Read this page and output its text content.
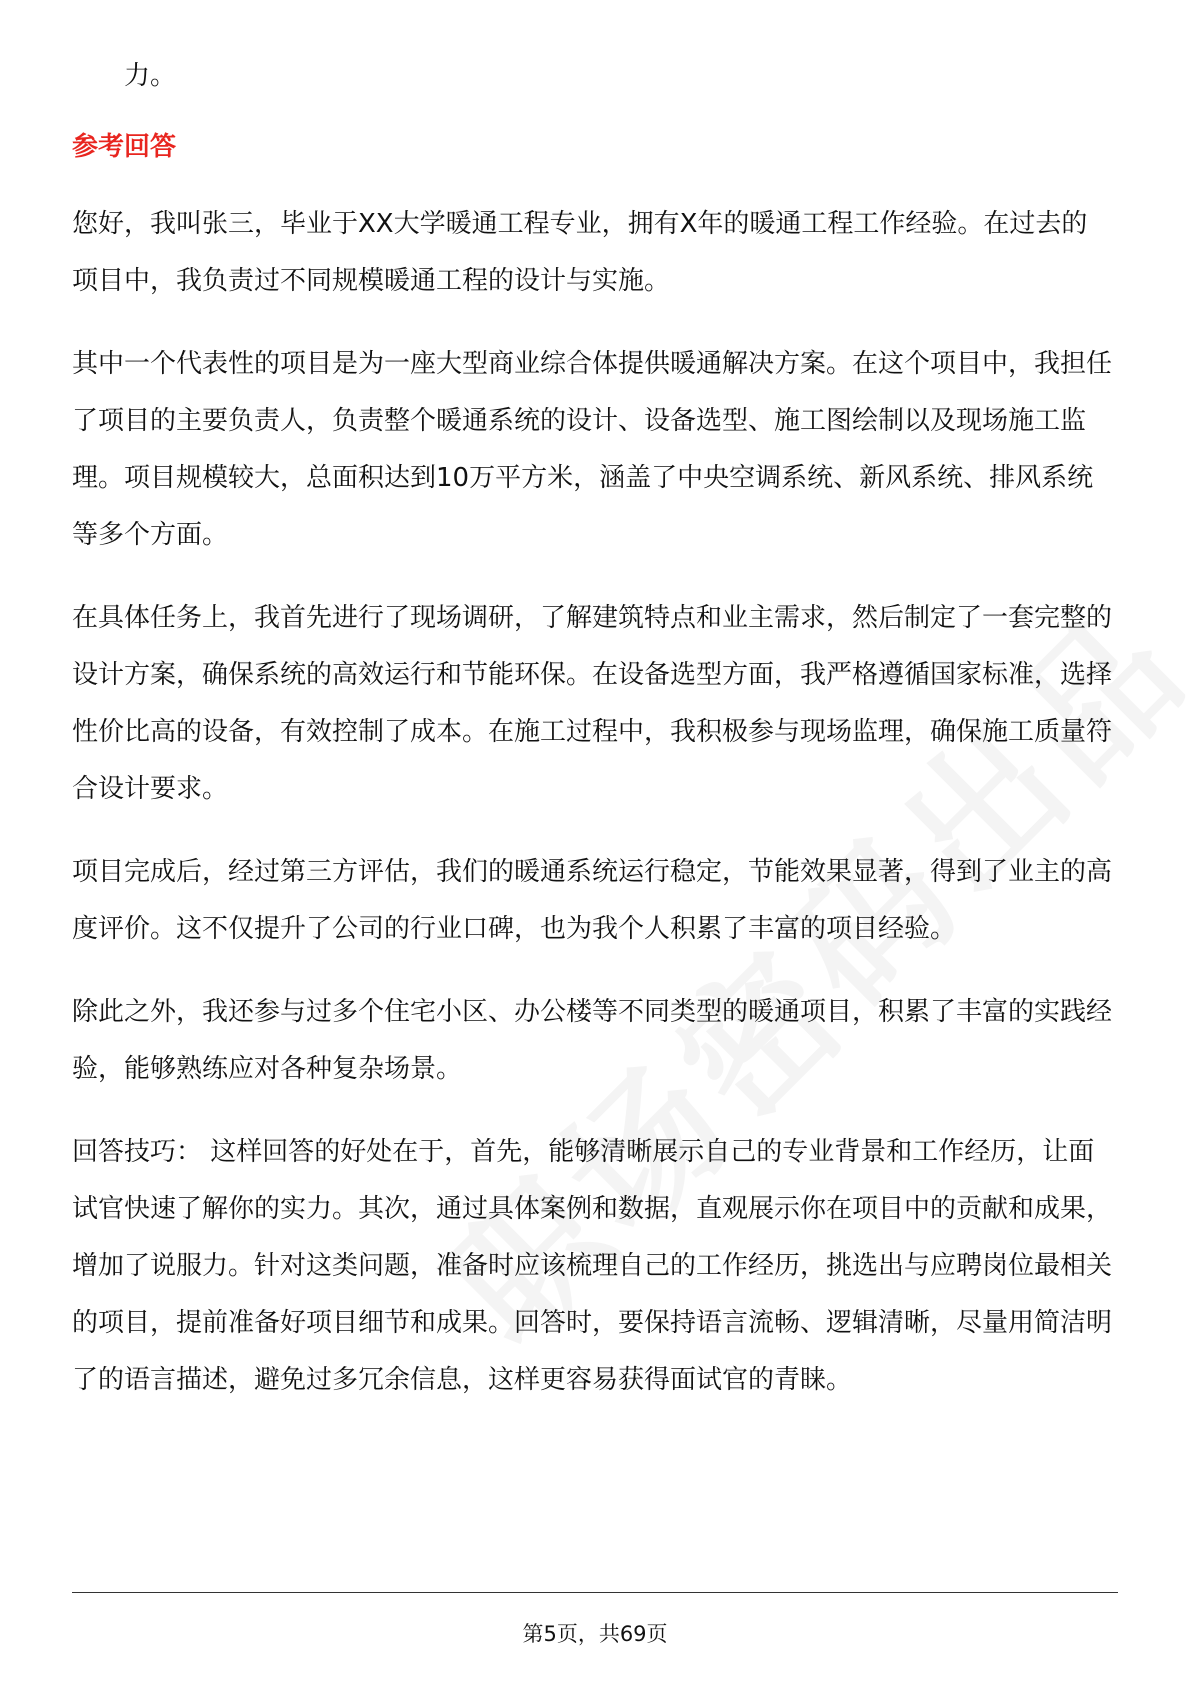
力。

参考回答

您好，我叫张三，毕业于XX大学暖通工程专业，拥有X年的暖通工程工作经验。在过去的项目中，我负责过不同规模暖通工程的设计与实施。

其中一个代表性的项目是为一座大型商业综合体提供暖通解决方案。在这个项目中，我担任了项目的主要负责人，负责整个暖通系统的设计、设备选型、施工图绘制以及现场施工监理。项目规模较大，总面积达到10万平方米，涵盖了中央空调系统、新风系统、排风系统等多个方面。

在具体任务上，我首先进行了现场调研，了解建筑特点和业主需求，然后制定了一套完整的设计方案，确保系统的高效运行和节能环保。在设备选型方面，我严格遵循国家标准，选择性价比高的设备，有效控制了成本。在施工过程中，我积极参与现场监理，确保施工质量符合设计要求。

项目完成后，经过第三方评估，我们的暖通系统运行稳定，节能效果显著，得到了业主的高度评价。这不仅提升了公司的行业口碑，也为我个人积累了丰富的项目经验。

除此之外，我还参与过多个住宅小区、办公楼等不同类型的暖通项目，积累了丰富的实践经验，能够熟练应对各种复杂场景。

回答技巧： 这样回答的好处在于，首先，能够清晰展示自己的专业背景和工作经历，让面试官快速了解你的实力。其次，通过具体案例和数据，直观展示你在项目中的贡献和成果，增加了说服力。针对这类问题，准备时应该梳理自己的工作经历，挑选出与应聘岗位最相关的项目，提前准备好项目细节和成果。回答时，要保持语言流畅、逻辑清晰，尽量用简洁明了的语言描述，避免过多冗余信息，这样更容易获得面试官的青睐。

第5页，共69页
